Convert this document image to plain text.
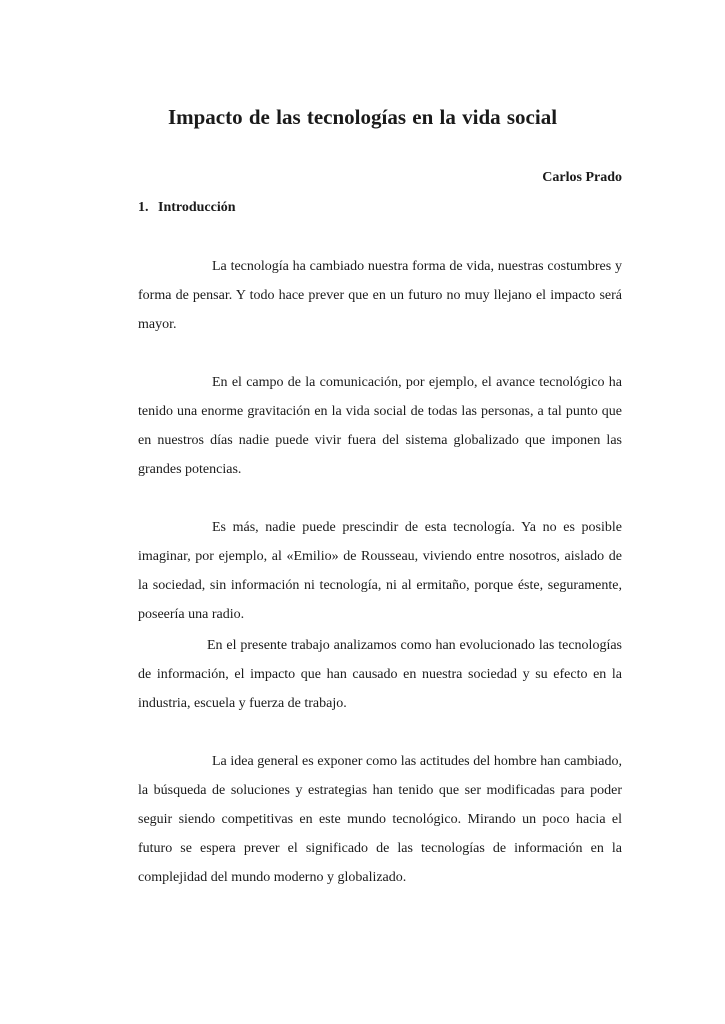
Impacto de las tecnologías en la vida social

Carlos Prado

1. Introducción

La tecnología ha cambiado nuestra forma de vida, nuestras costumbres y forma de pensar. Y todo hace prever que en un futuro no muy llejano el impacto será mayor.

En el campo de la comunicación, por ejemplo, el avance tecnológico ha tenido una enorme gravitación en la vida social de todas las personas, a tal punto que en nuestros días nadie puede vivir fuera del sistema globalizado que imponen las grandes potencias.

Es más, nadie puede prescindir de esta tecnología. Ya no es posible imaginar, por ejemplo, al «Emilio» de Rousseau, viviendo entre nosotros, aislado de la sociedad, sin información ni tecnología, ni al ermitaño, porque éste, seguramente, poseería una radio.

En el presente trabajo analizamos como han evolucionado las tecnologías de información, el impacto que han causado en nuestra sociedad y su efecto en la industria, escuela y fuerza de trabajo.

La idea general es exponer como las actitudes del hombre han cambiado, la búsqueda de soluciones y estrategias han tenido que ser modificadas para poder seguir siendo competitivas en este mundo tecnológico. Mirando un poco hacia el futuro se espera prever el significado de las tecnologías de información en la complejidad del mundo moderno y globalizado.
